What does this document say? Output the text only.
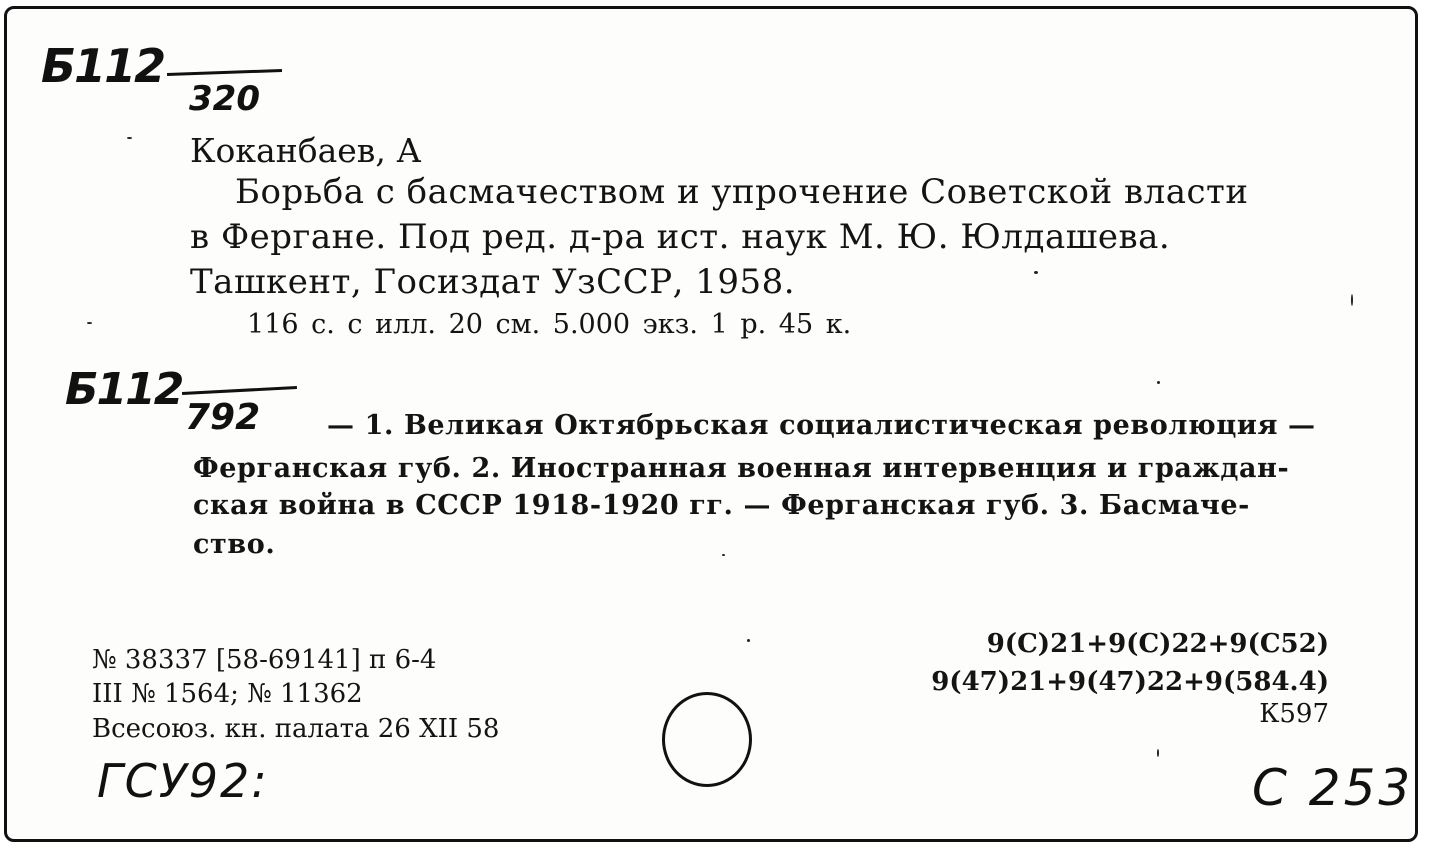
Б112
320
Коканбаев, А
Борьба с басмачеством и упрочение Советской власти
в Фергане. Под ред. д-ра ист. наук М. Ю. Юлдашева.
Ташкент, Госиздат УзССР, 1958.
116 с. с илл. 20 см. 5.000 экз. 1 р. 45 к.
Б112
792 — 1. Великая Октябрьская социалистическая революция —
Ферганская губ. 2. Иностранная военная интервенция и граждан-
ская война в СССР 1918-1920 гг. — Ферганская губ. 3. Басмаче-
ство.
№ 38337 [58-69141] п 6-4
III № 1564; № 11362
Всесоюз. кн. палата 26 XII 58
9(С)21+9(С)22+9(С52)
9(47)21+9(47)22+9(584.4)
К597
ГСУ92:	С 253
